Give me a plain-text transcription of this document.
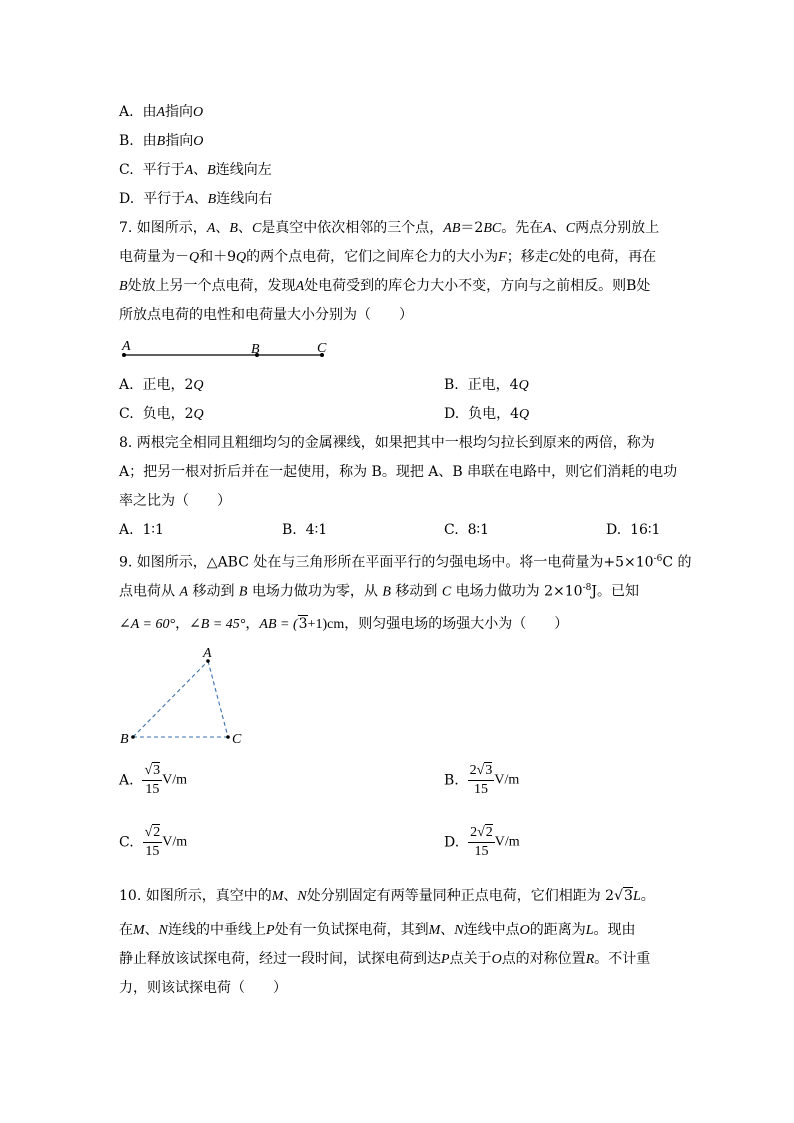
A. 由A指向O
B. 由B指向O
C. 平行于A、B连线向左
D. 平行于A、B连线向右
7. 如图所示，A、B、C是真空中依次相邻的三个点，AB＝2BC。先在A、C两点分别放上
电荷量为－Q和＋9Q的两个点电荷，它们之间库仑力的大小为F；移走C处的电荷，再在
B处放上另一个点电荷，发现A处电荷受到的库仑力大小不变，方向与之前相反。则B处
所放点电荷的电性和电荷量大小分别为（　　）
A	B	C
A. 正电，2Q	B. 正电，4Q
C. 负电，2Q	D. 负电，4Q
8. 两根完全相同且粗细均匀的金属裸线，如果把其中一根均匀拉长到原来的两倍，称为
A；把另一根对折后并在一起使用，称为 B。现把 A、B 串联在电路中，则它们消耗的电功
率之比为（　　）
A. 1∶1	B. 4∶1	C. 8∶1	D. 16∶1
9. 如图所示，△ABC 处在与三角形所在平面平行的匀强电场中。将一电荷量为$+5\times 10^{-6}C$ 的
点电荷从 A 移动到 B 电场力做功为零，从 B 移动到 C 电场力做功为 $2\times 10^{-8}J$。已知
∠A = 60°，∠B = 45°，AB = (3+1)cm，则匀强电场的场强大小为（　　）
A
B	C
A. $\frac{√3}{15} V/m$	B. $\frac{2√3}{15} V/m$
C. $\frac{√2}{15} V/m$	D. $\frac{2√2}{15} V/m$
10. 如图所示，真空中的M、N处分别固定有两等量同种正点电荷，它们相距为 2√3L。
在M、N连线的中垂线上P处有一负试探电荷，其到M、N连线中点O的距离为L。现由
静止释放该试探电荷，经过一段时间，试探电荷到达P点关于O点的对称位置R。不计重
力，则该试探电荷（　　）
